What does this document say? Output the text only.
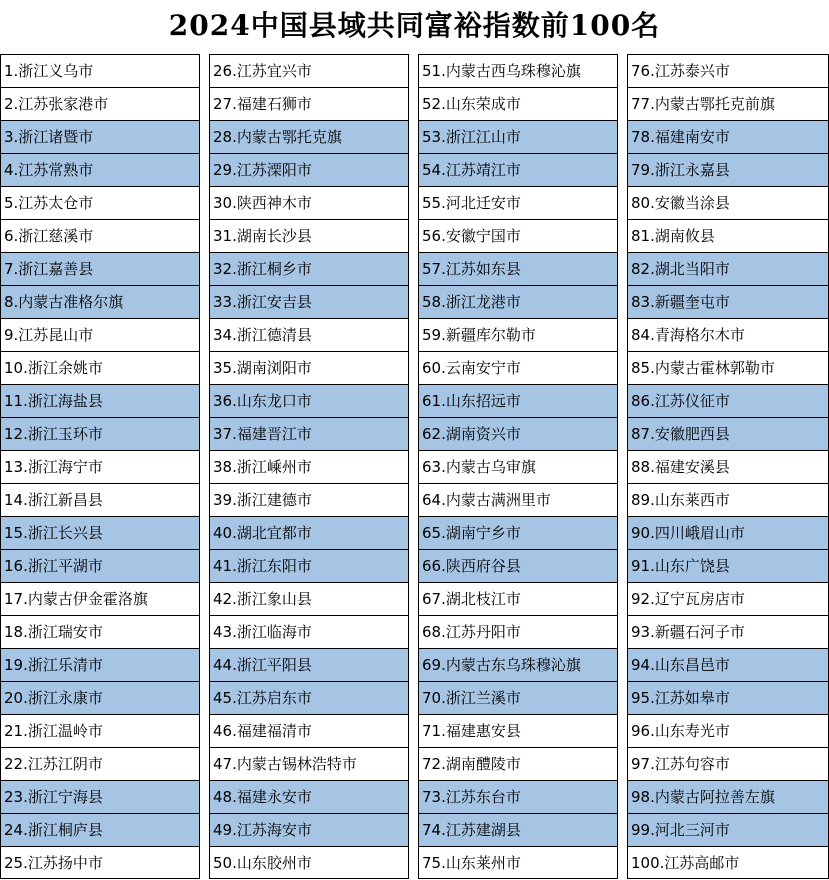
2024中国县域共同富裕指数前100名
1.浙江义乌市	26.江苏宜兴市	51.内蒙古西乌珠穆沁旗	76.江苏泰兴市
2.江苏张家港市	27.福建石狮市	52.山东荣成市	77.内蒙古鄂托克前旗
3.浙江诸暨市	28.内蒙古鄂托克旗	53.浙江江山市	78.福建南安市
4.江苏常熟市	29.江苏溧阳市	54.江苏靖江市	79.浙江永嘉县
5.江苏太仓市	30.陕西神木市	55.河北迁安市	80.安徽当涂县
6.浙江慈溪市	31.湖南长沙县	56.安徽宁国市	81.湖南攸县
7.浙江嘉善县	32.浙江桐乡市	57.江苏如东县	82.湖北当阳市
8.内蒙古准格尔旗	33.浙江安吉县	58.浙江龙港市	83.新疆奎屯市
9.江苏昆山市	34.浙江德清县	59.新疆库尔勒市	84.青海格尔木市
10.浙江余姚市	35.湖南浏阳市	60.云南安宁市	85.内蒙古霍林郭勒市
11.浙江海盐县	36.山东龙口市	61.山东招远市	86.江苏仪征市
12.浙江玉环市	37.福建晋江市	62.湖南资兴市	87.安徽肥西县
13.浙江海宁市	38.浙江嵊州市	63.内蒙古乌审旗	88.福建安溪县
14.浙江新昌县	39.浙江建德市	64.内蒙古满洲里市	89.山东莱西市
15.浙江长兴县	40.湖北宜都市	65.湖南宁乡市	90.四川峨眉山市
16.浙江平湖市	41.浙江东阳市	66.陕西府谷县	91.山东广饶县
17.内蒙古伊金霍洛旗	42.浙江象山县	67.湖北枝江市	92.辽宁瓦房店市
18.浙江瑞安市	43.浙江临海市	68.江苏丹阳市	93.新疆石河子市
19.浙江乐清市	44.浙江平阳县	69.内蒙古东乌珠穆沁旗	94.山东昌邑市
20.浙江永康市	45.江苏启东市	70.浙江兰溪市	95.江苏如皋市
21.浙江温岭市	46.福建福清市	71.福建惠安县	96.山东寿光市
22.江苏江阴市	47.内蒙古锡林浩特市	72.湖南醴陵市	97.江苏句容市
23.浙江宁海县	48.福建永安市	73.江苏东台市	98.内蒙古阿拉善左旗
24.浙江桐庐县	49.江苏海安市	74.江苏建湖县	99.河北三河市
25.江苏扬中市	50.山东胶州市	75.山东莱州市	100.江苏高邮市
